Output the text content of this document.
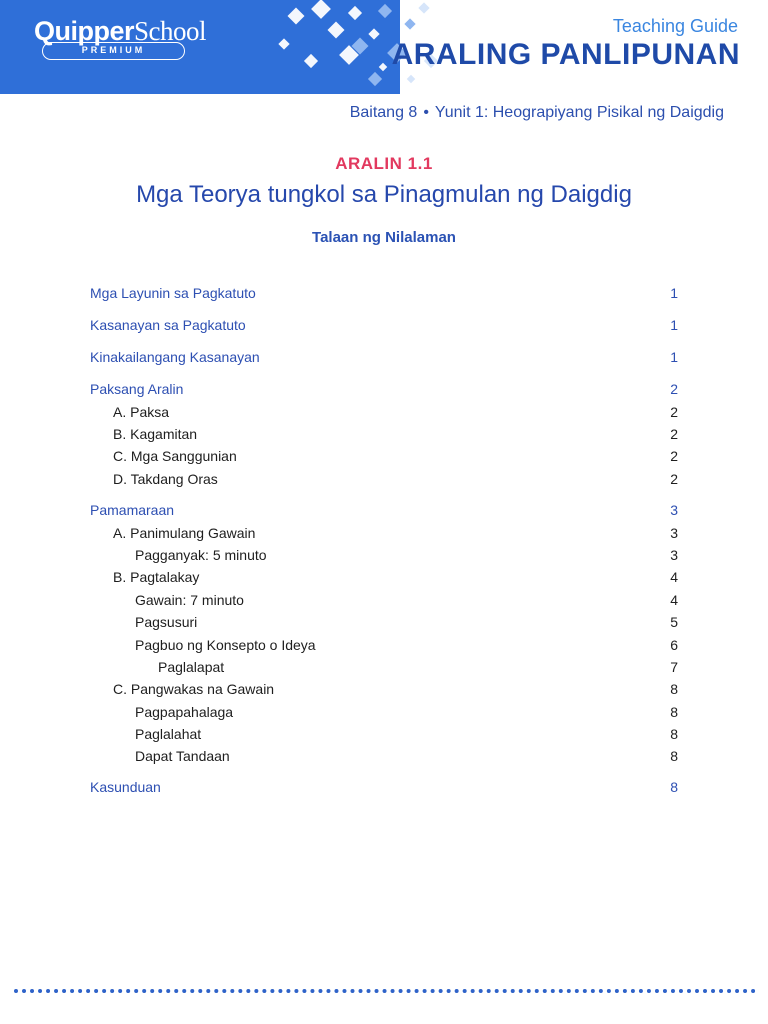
QuipperSchool
PREMIUM
Teaching Guide
ARALING PANLIPUNAN
Baitang 8 • Yunit 1: Heograpiyang Pisikal ng Daigdig
ARALIN 1.1
Mga Teorya tungkol sa Pinagmulan ng Daigdig
Talaan ng Nilalaman
Mga Layunin sa Pagkatuto	1
Kasanayan sa Pagkatuto	1
Kinakailangang Kasanayan	1
Paksang Aralin	2
A. Paksa	2
B. Kagamitan	2
C. Mga Sanggunian	2
D. Takdang Oras	2
Pamamaraan	3
A. Panimulang Gawain	3
Pagganyak: 5 minuto	3
B. Pagtalakay	4
Gawain: 7 minuto	4
Pagsusuri	5
Pagbuo ng Konsepto o Ideya	6
Paglalapat	7
C. Pangwakas na Gawain	8
Pagpapahalaga	8
Paglalahat	8
Dapat Tandaan	8
Kasunduan	8
